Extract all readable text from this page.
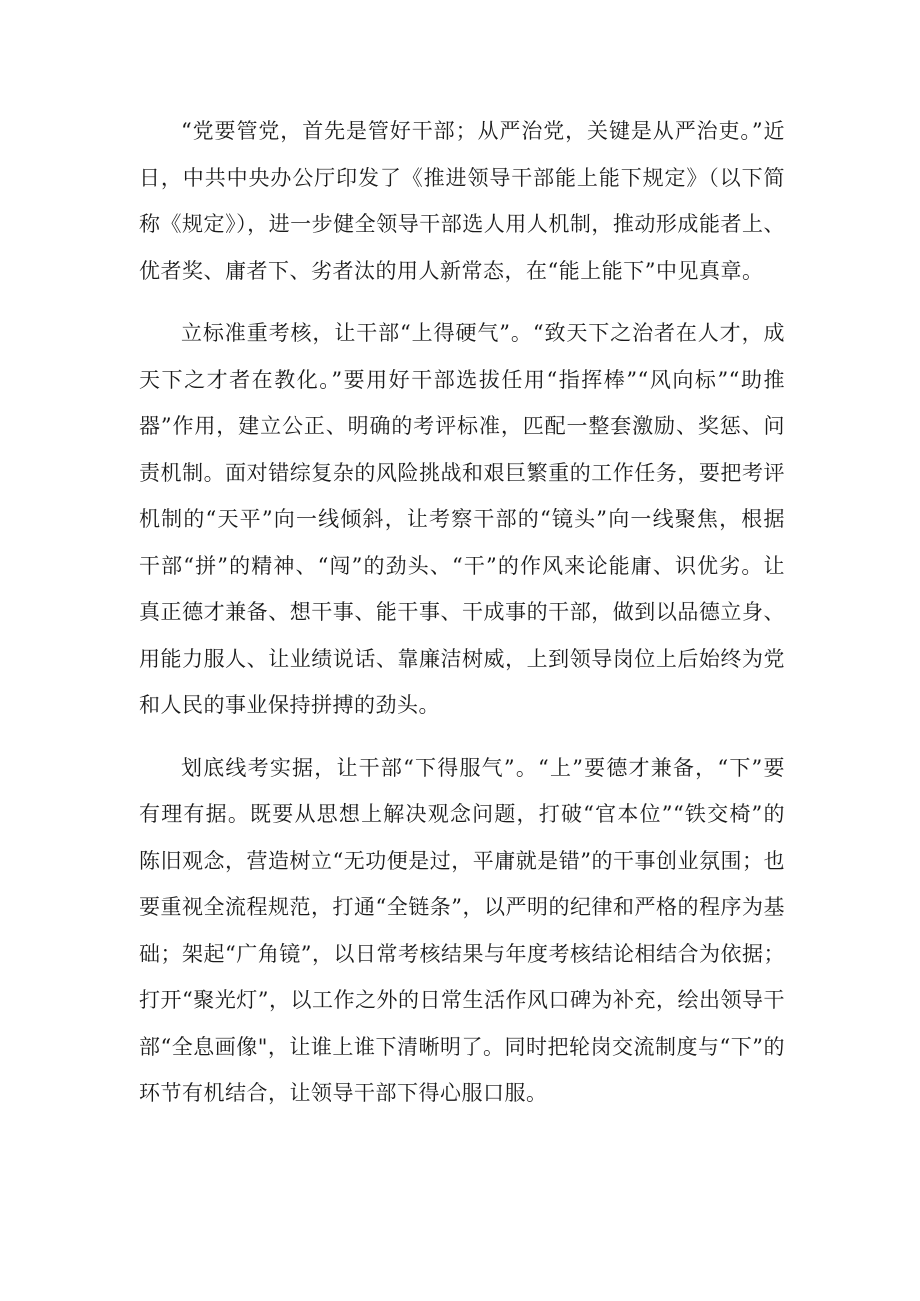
“党要管党，首先是管好干部；从严治党，关键是从严治吏。”近日，中共中央办公厅印发了《推进领导干部能上能下规定》（以下简称《规定》），进一步健全领导干部选人用人机制，推动形成能者上、优者奖、庸者下、劣者汰的用人新常态，在“能上能下”中见真章。

立标准重考核，让干部“上得硬气”。“致天下之治者在人才，成天下之才者在教化。”要用好干部选拔任用“指挥棒”“风向标”“助推器”作用，建立公正、明确的考评标准，匹配一整套激励、奖惩、问责机制。面对错综复杂的风险挑战和艰巨繁重的工作任务，要把考评机制的“天平”向一线倾斜，让考察干部的“镜头”向一线聚焦，根据干部“拼”的精神、“闯”的劲头、“干”的作风来论能庸、识优劣。让真正德才兼备、想干事、能干事、干成事的干部，做到以品德立身、用能力服人、让业绩说话、靠廉洁树威，上到领导岗位上后始终为党和人民的事业保持拼搏的劲头。

划底线考实据，让干部“下得服气”。“上”要德才兼备，“下”要有理有据。既要从思想上解决观念问题，打破“官本位”“铁交椅”的陈旧观念，营造树立“无功便是过，平庸就是错”的干事创业氛围；也要重视全流程规范，打通“全链条”，以严明的纪律和严格的程序为基础；架起“广角镜”，以日常考核结果与年度考核结论相结合为依据；打开“聚光灯”，以工作之外的日常生活作风口碑为补充，绘出领导干部“全息画像"，让谁上谁下清晰明了。同时把轮岗交流制度与“下”的环节有机结合，让领导干部下得心服口服。
